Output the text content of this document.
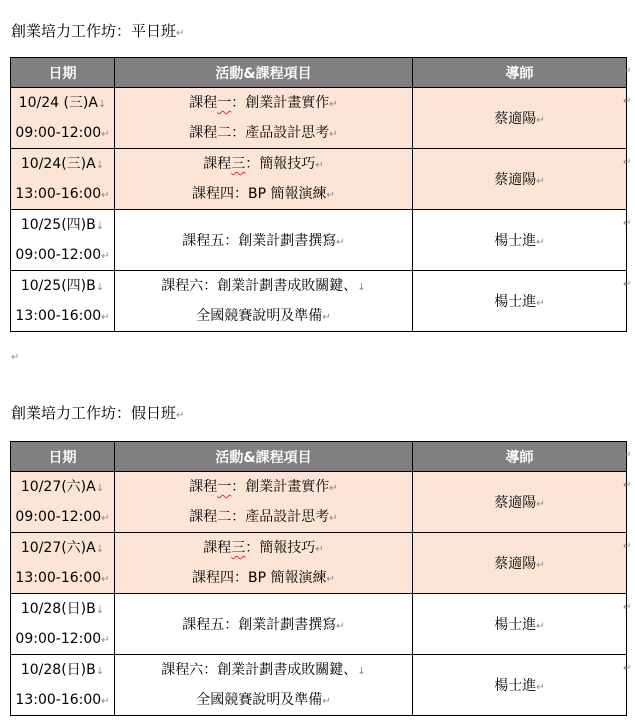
創業培力工作坊：平日班↵
日期	活動&課程項目	導師

10/24 (三)A↓
09:00-12:00↵	課程一：創業計畫實作↵
課程二：產品設計思考↵	蔡適陽↵

10/24(三)A↓
13:00-16:00↵	課程三：簡報技巧↵
課程四：BP 簡報演練↵	蔡適陽↵

10/25(四)B↓
09:00-12:00↵	課程五：創業計劃書撰寫↵	楊士進↵

10/25(四)B↓
13:00-16:00↵	課程六：創業計劃書成敗關鍵、↓
全國競賽說明及準備↵	楊士進↵
↵
↵
↵
↵
↵
↵
創業培力工作坊：假日班↵
日期	活動&課程項目	導師

10/27(六)A↓
09:00-12:00↵	課程一：創業計畫實作↵
課程二：產品設計思考↵	蔡適陽↵

10/27(六)A↓
13:00-16:00↵	課程三：簡報技巧↵
課程四：BP 簡報演練↵	蔡適陽↵

10/28(日)B↓
09:00-12:00↵	課程五：創業計劃書撰寫↵	楊士進↵

10/28(日)B↓
13:00-16:00↵	課程六：創業計劃書成敗關鍵、↓
全國競賽說明及準備↵	楊士進↵
↵
↵
↵
↵
↵
